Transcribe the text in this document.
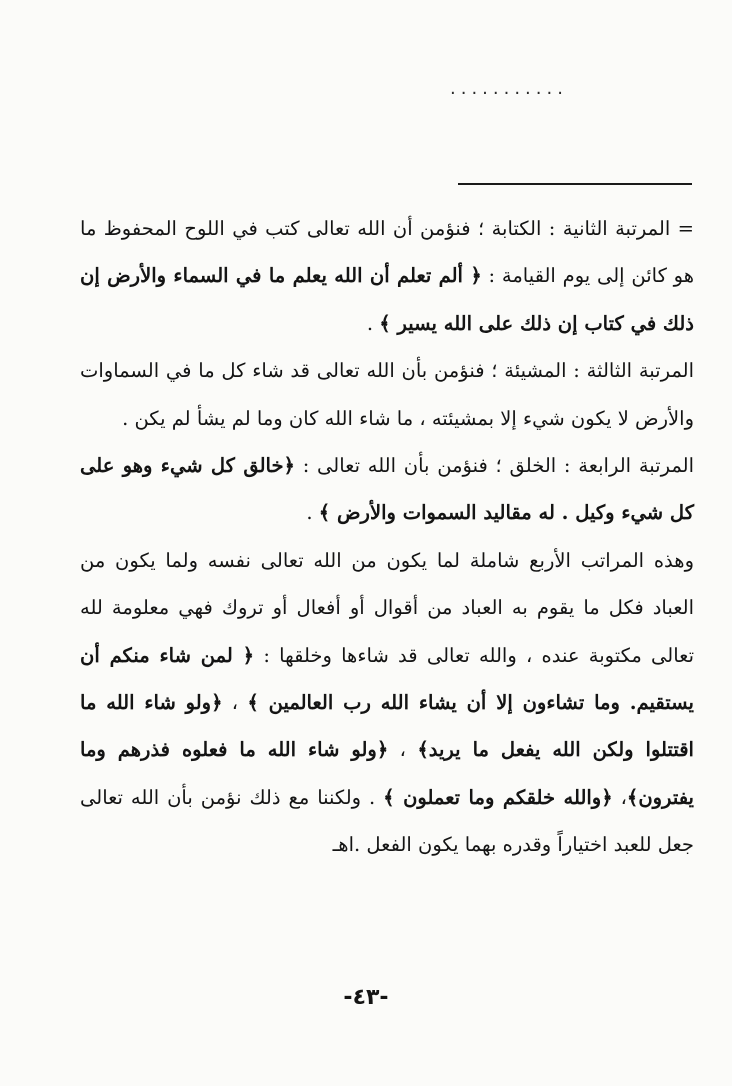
...........

= المرتبة الثانية : الكتابة ؛ فنؤمن أن الله تعالى كتب في اللوح المحفوظ ما هو كائن إلى يوم القيامة : ﴿ ألم تعلم أن الله يعلم ما في السماء والأرض إن ذلك في كتاب إن ذلك على الله يسير ﴾ .

المرتبة الثالثة : المشيئة ؛ فنؤمن بأن الله تعالى قد شاء كل ما في السماوات والأرض لا يكون شيء إلا بمشيئته ، ما شاء الله كان وما لم يشأ لم يكن .

المرتبة الرابعة : الخلق ؛ فنؤمن بأن الله تعالى : ﴿خالق كل شيء وهو على كل شيء وكيل . له مقاليد السموات والأرض ﴾ .

وهذه المراتب الأربع شاملة لما يكون من الله تعالى نفسه ولما يكون من العباد فكل ما يقوم به العباد من أقوال أو أفعال أو تروك فهي معلومة لله تعالى مكتوبة عنده ، والله تعالى قد شاءها وخلقها : ﴿ لمن شاء منكم أن يستقيم. وما تشاءون إلا أن يشاء الله رب العالمين ﴾ ، ﴿ولو شاء الله ما اقتتلوا ولكن الله يفعل ما يريد﴾ ، ﴿ولو شاء الله ما فعلوه فذرهم وما يفترون﴾، ﴿والله خلقكم وما تعملون ﴾ . ولكننا مع ذلك نؤمن بأن الله تعالى جعل للعبد اختياراً وقدره بهما يكون الفعل .اهـ

-٤٣-
